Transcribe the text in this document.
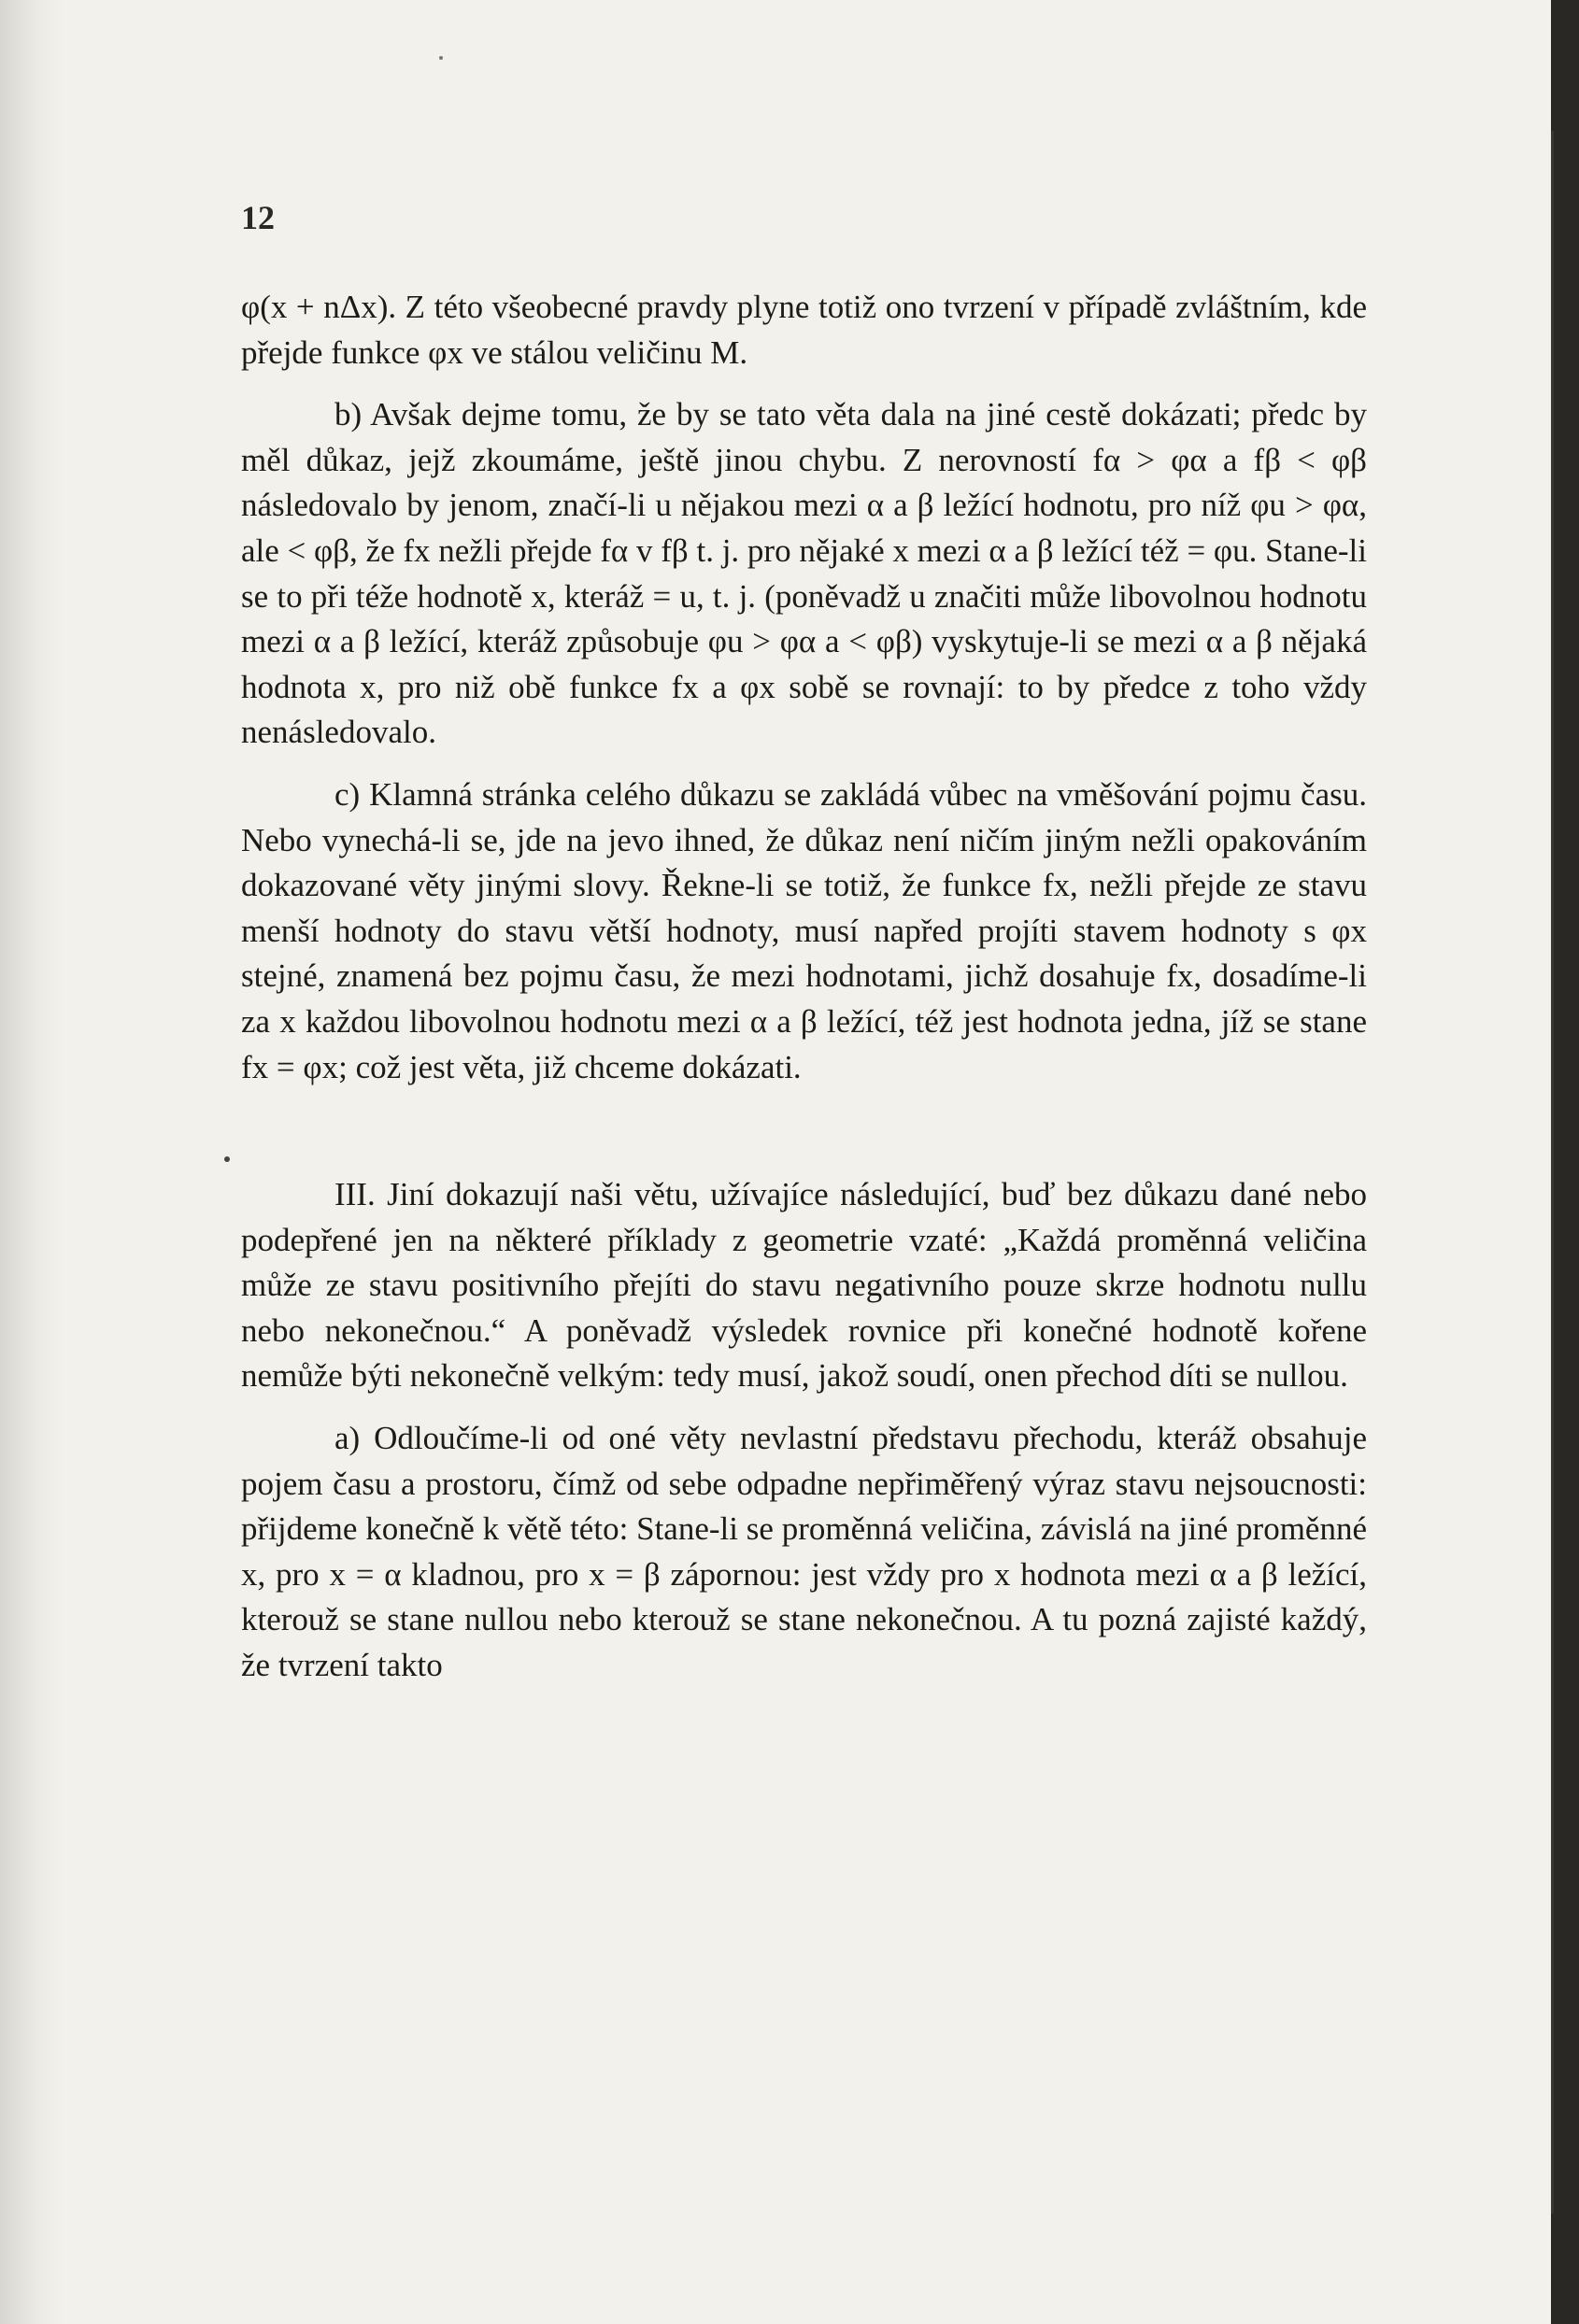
12

φ(x + nΔx). Z této všeobecné pravdy plyne totiž ono tvrzení v případě zvláštním, kde přejde funkce φx ve stálou veličinu M.

b) Avšak dejme tomu, že by se tato věta dala na jiné cestě dokázati; předc by měl důkaz, jejž zkoumáme, ještě jinou chybu. Z nerovností fα > φα a fβ < φβ následovalo by jenom, značí-li u nějakou mezi α a β ležící hodnotu, pro níž φu > φα, ale < φβ, že fx nežli přejde fα v fβ t. j. pro nějaké x mezi α a β ležící též = φu. Stane-li se to při téže hodnotě x, kteráž = u, t. j. (poněvadž u značiti může libovolnou hodnotu mezi α a β ležící, kteráž způsobuje φu > φα a < φβ) vyskytuje-li se mezi α a β nějaká hodnota x, pro niž obě funkce fx a φx sobě se rovnají: to by předce z toho vždy nenásledovalo.

c) Klamná stránka celého důkazu se zakládá vůbec na vměšování pojmu času. Nebo vynechá-li se, jde na jevo ihned, že důkaz není ničím jiným nežli opakováním dokazované věty jinými slovy. Řekne-li se totiž, že funkce fx, nežli přejde ze stavu menší hodnoty do stavu větší hodnoty, musí napřed projíti stavem hodnoty s φx stejné, znamená bez pojmu času, že mezi hodnotami, jichž dosahuje fx, dosadíme-li za x každou libovolnou hodnotu mezi α a β ležící, též jest hodnota jedna, jíž se stane fx = φx; což jest věta, již chceme dokázati.

III. Jiní dokazují naši větu, užívajíce následující, buď bez důkazu dané nebo podepřené jen na některé příklady z geometrie vzaté: „Každá proměnná veličina může ze stavu positivního přejíti do stavu negativního pouze skrze hodnotu nullu nebo nekonečnou.“ A poněvadž výsledek rovnice při konečné hodnotě kořene nemůže býti nekonečně velkým: tedy musí, jakož soudí, onen přechod díti se nullou.

a) Odloučíme-li od oné věty nevlastní představu přechodu, kteráž obsahuje pojem času a prostoru, čímž od sebe odpadne nepřiměřený výraz stavu nejsoucnosti: přijdeme konečně k větě této: Stane-li se proměnná veličina, závislá na jiné proměnné x, pro x = α kladnou, pro x = β zápornou: jest vždy pro x hodnota mezi α a β ležící, kterouž se stane nullou nebo kterouž se stane nekonečnou. A tu pozná zajisté každý, že tvrzení takto
